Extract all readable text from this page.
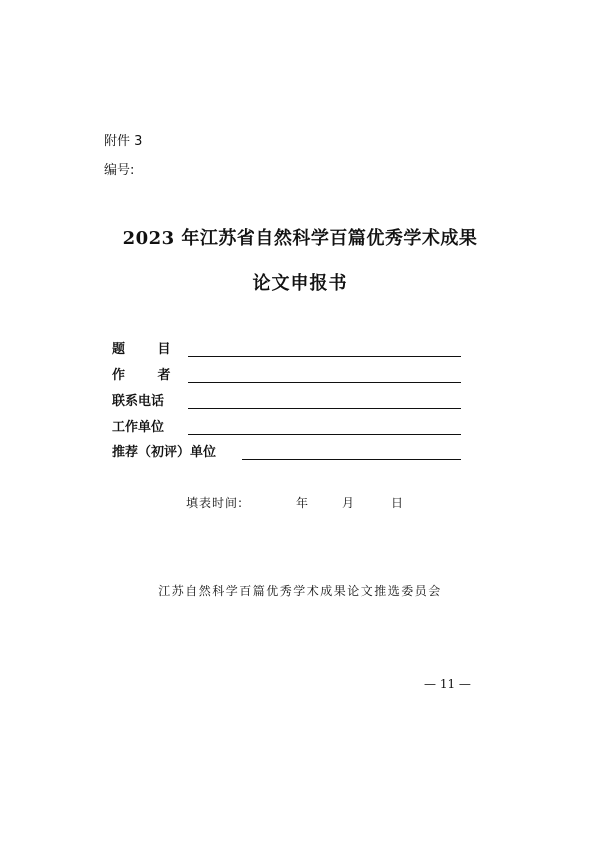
附件 3
编号:
2023 年江苏省自然科学百篇优秀学术成果
论文申报书
题 目
作 者
联系电话
工作单位
推荐（初评）单位
填表时间:	年	月	日
江苏自然科学百篇优秀学术成果论文推选委员会
— 11 —
